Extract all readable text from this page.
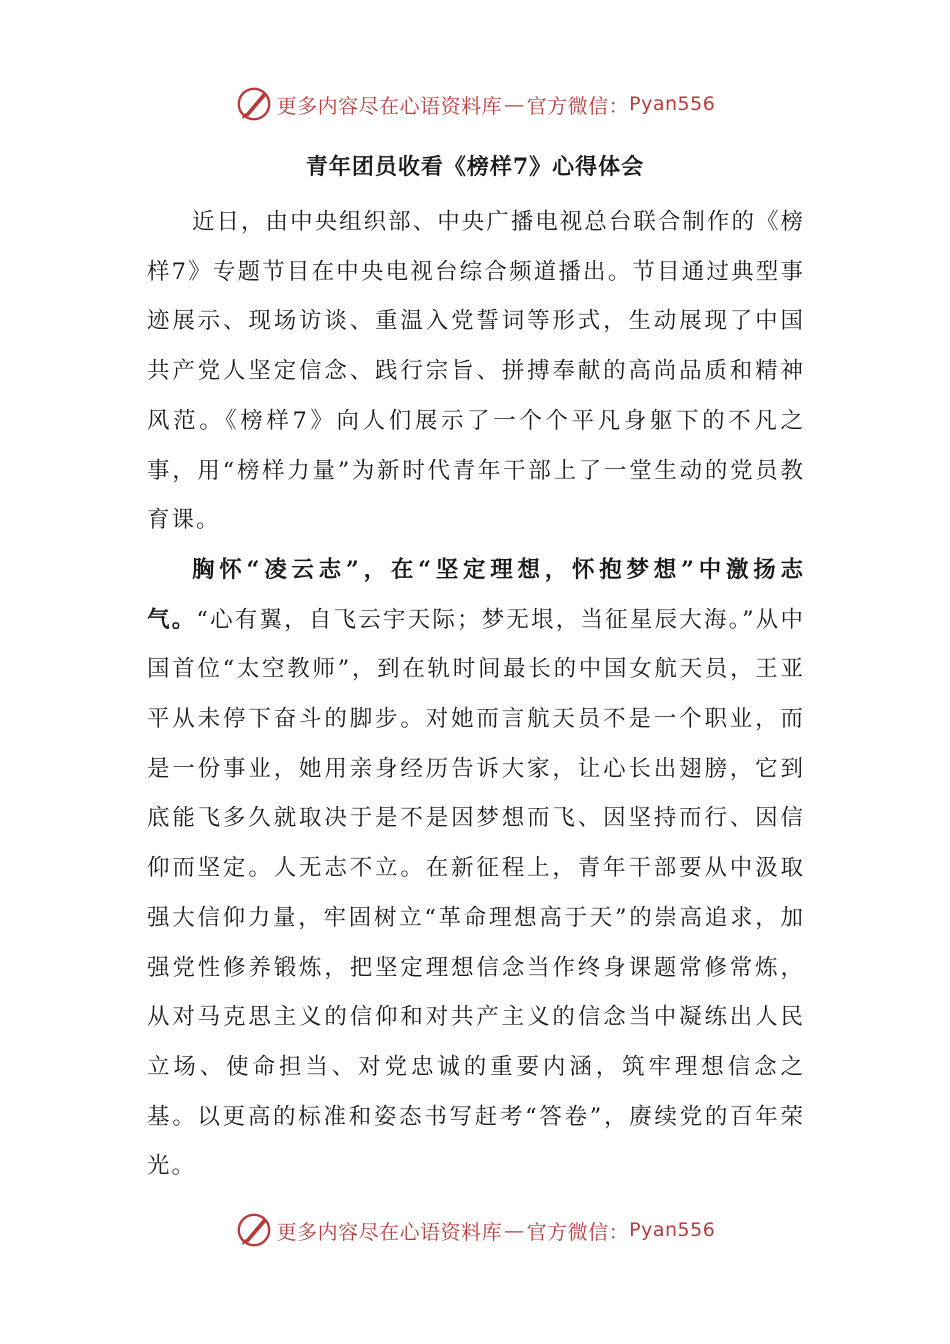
更多内容尽在心语资料库 — 官方微信： Pyan556
青年团员收看《榜样7》心得体会

近日，由中央组织部、中央广播电视总台联合制作的《榜样7》专题节目在中央电视台综合频道播出。节目通过典型事迹展示、现场访谈、重温入党誓词等形式，生动展现了中国共产党人坚定信念、践行宗旨、拼搏奉献的高尚品质和精神风范。《榜样7》向人们展示了一个个平凡身躯下的不凡之事，用“榜样力量”为新时代青年干部上了一堂生动的党员教育课。

胸怀“凌云志”，在“坚定理想，怀抱梦想”中激扬志气。“心有翼，自飞云宇天际；梦无垠，当征星辰大海。”从中国首位“太空教师”，到在轨时间最长的中国女航天员，王亚平从未停下奋斗的脚步。对她而言航天员不是一个职业，而是一份事业，她用亲身经历告诉大家，让心长出翅膀，它到底能飞多久就取决于是不是因梦想而飞、因坚持而行、因信仰而坚定。人无志不立。在新征程上，青年干部要从中汲取强大信仰力量，牢固树立“革命理想高于天”的崇高追求，加强党性修养锻炼，把坚定理想信念当作终身课题常修常炼，从对马克思主义的信仰和对共产主义的信念当中凝练出人民立场、使命担当、对党忠诚的重要内涵，筑牢理想信念之基。以更高的标准和姿态书写赶考“答卷”，赓续党的百年荣光。

更多内容尽在心语资料库 — 官方微信： Pyan556
